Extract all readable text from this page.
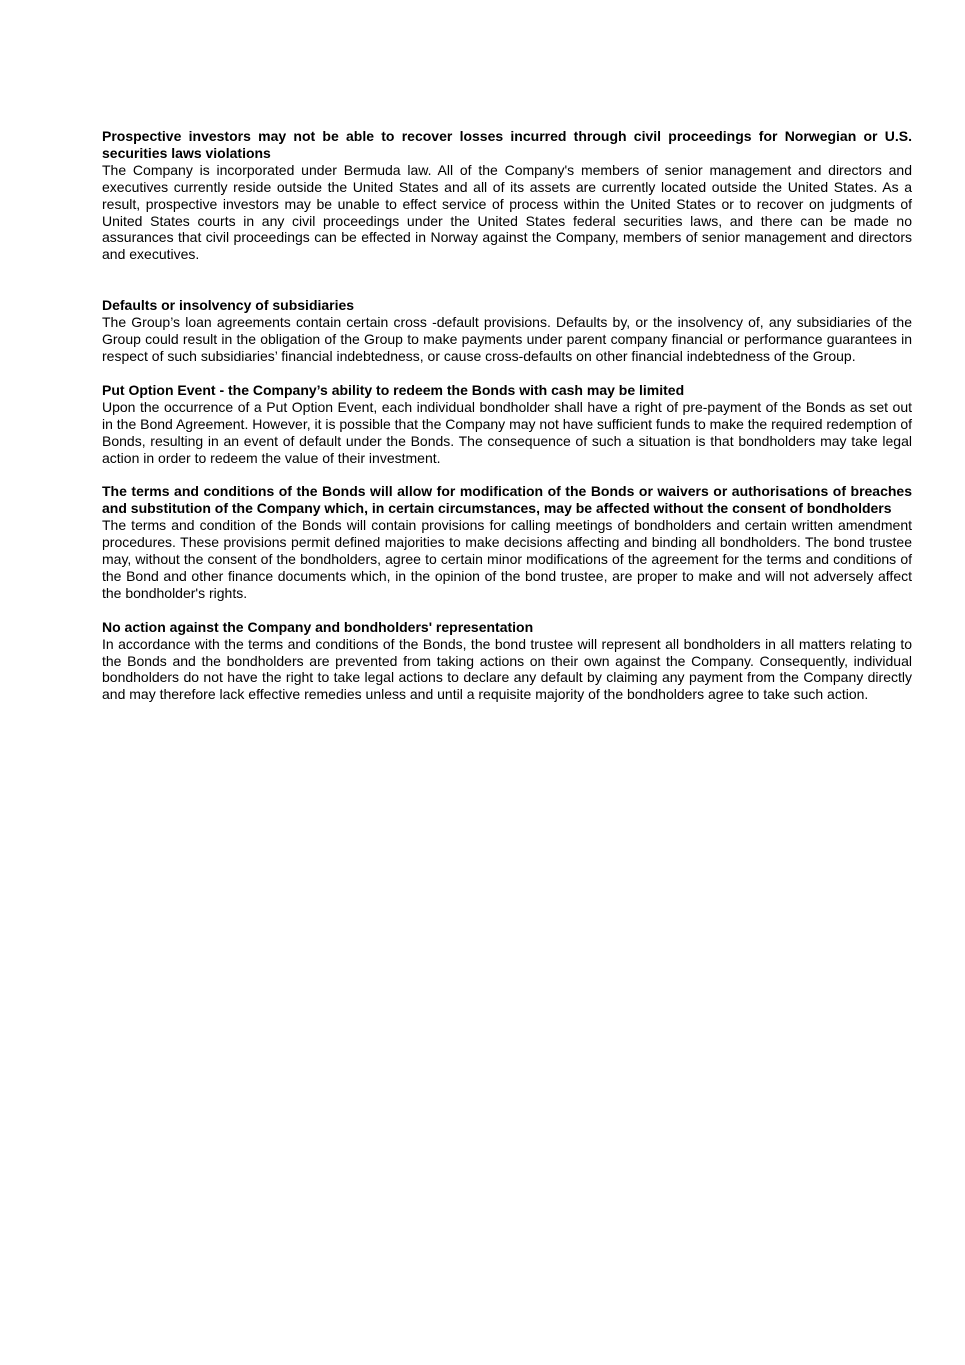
Prospective investors may not be able to recover losses incurred through civil proceedings for Norwegian or U.S. securities laws violations

The Company is incorporated under Bermuda law. All of the Company's members of senior management and directors and executives currently reside outside the United States and all of its assets are currently located outside the United States. As a result, prospective investors may be unable to effect service of process within the United States or to recover on judgments of United States courts in any civil proceedings under the United States federal securities laws, and there can be made no assurances that civil proceedings can be effected in Norway against the Company, members of senior management and directors and executives.

Defaults or insolvency of subsidiaries

The Group’s loan agreements contain certain cross -default provisions. Defaults by, or the insolvency of, any subsidiaries of the Group could result in the obligation of the Group to make payments under parent company financial or performance guarantees in respect of such subsidiaries’ financial indebtedness, or cause cross-defaults on other financial indebtedness of the Group.

Put Option Event - the Company’s ability to redeem the Bonds with cash may be limited

Upon the occurrence of a Put Option Event, each individual bondholder shall have a right of pre-payment of the Bonds as set out in the Bond Agreement. However, it is possible that the Company may not have sufficient funds to make the required redemption of Bonds, resulting in an event of default under the Bonds. The consequence of such a situation is that bondholders may take legal action in order to redeem the value of their investment.

The terms and conditions of the Bonds will allow for modification of the Bonds or waivers or authorisations of breaches and substitution of the Company which, in certain circumstances, may be affected without the consent of bondholders

The terms and condition of the Bonds will contain provisions for calling meetings of bondholders and certain written amendment procedures. These provisions permit defined majorities to make decisions affecting and binding all bondholders. The bond trustee may, without the consent of the bondholders, agree to certain minor modifications of the agreement for the terms and conditions of the Bond and other finance documents which, in the opinion of the bond trustee, are proper to make and will not adversely affect the bondholder's rights.

No action against the Company and bondholders' representation

In accordance with the terms and conditions of the Bonds, the bond trustee will represent all bondholders in all matters relating to the Bonds and the bondholders are prevented from taking actions on their own against the Company. Consequently, individual bondholders do not have the right to take legal actions to declare any default by claiming any payment from the Company directly and may therefore lack effective remedies unless and until a requisite majority of the bondholders agree to take such action.
